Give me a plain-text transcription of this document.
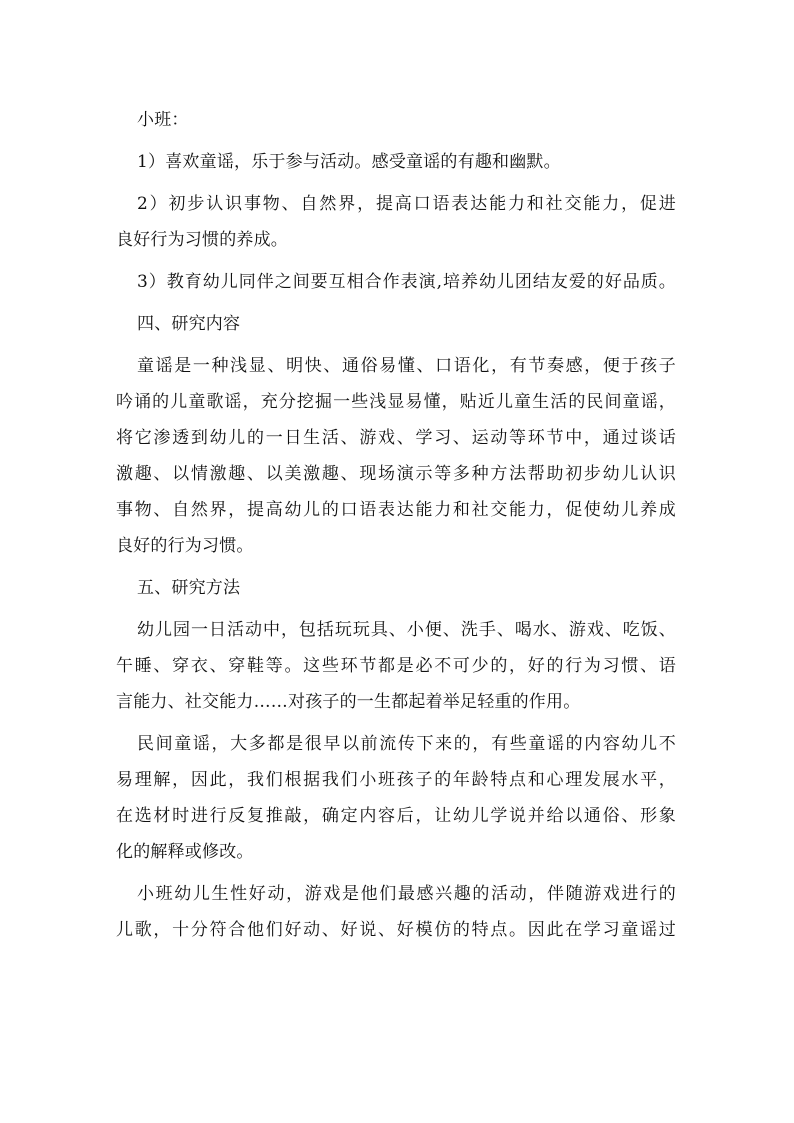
小班：

1）喜欢童谣，乐于参与活动。感受童谣的有趣和幽默。

2）初步认识事物、自然界，提高口语表达能力和社交能力，促进

良好行为习惯的养成。

3）教育幼儿同伴之间要互相合作表演,培养幼儿团结友爱的好品质。

四、研究内容

童谣是一种浅显、明快、通俗易懂、口语化，有节奏感，便于孩子

吟诵的儿童歌谣，充分挖掘一些浅显易懂，贴近儿童生活的民间童谣，

将它渗透到幼儿的一日生活、游戏、学习、运动等环节中，通过谈话

激趣、以情激趣、以美激趣、现场演示等多种方法帮助初步幼儿认识

事物、自然界，提高幼儿的口语表达能力和社交能力，促使幼儿养成

良好的行为习惯。

五、研究方法

幼儿园一日活动中，包括玩玩具、小便、洗手、喝水、游戏、吃饭、

午睡、穿衣、穿鞋等。这些环节都是必不可少的，好的行为习惯、语

言能力、社交能力……对孩子的一生都起着举足轻重的作用。

民间童谣，大多都是很早以前流传下来的，有些童谣的内容幼儿不

易理解，因此，我们根据我们小班孩子的年龄特点和心理发展水平，

在选材时进行反复推敲，确定内容后，让幼儿学说并给以通俗、形象

化的解释或修改。

小班幼儿生性好动，游戏是他们最感兴趣的活动，伴随游戏进行的

儿歌，十分符合他们好动、好说、好模仿的特点。因此在学习童谣过
